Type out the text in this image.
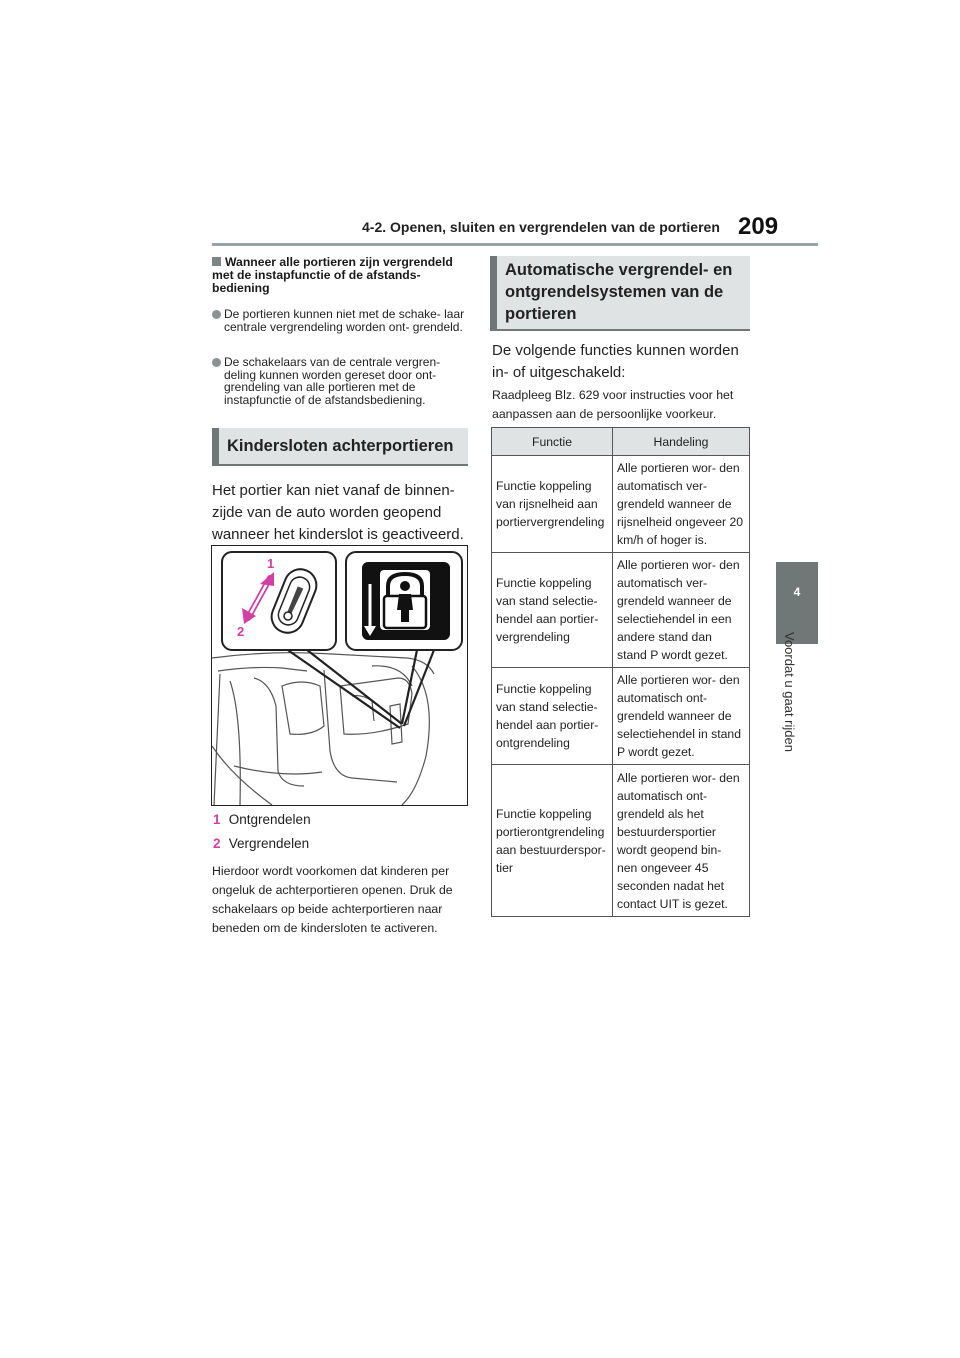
4-2. Openen, sluiten en vergrendelen van de portieren 209
4
Voordat u gaat rijden
Wanneer alle portieren zijn vergrendeld met de instapfunctie of de afstands- bediening
De portieren kunnen niet met de schake- laar centrale vergrendeling worden ont- grendeld.
De schakelaars van de centrale vergren- deling kunnen worden gereset door ont- grendeling van alle portieren met de instapfunctie of de afstandsbediening.
Kindersloten achterportieren
Het portier kan niet vanaf de binnen- zijde van de auto worden geopend wanneer het kinderslot is geactiveerd.
1
2
1 Ontgrendelen
2 Vergrendelen
Hierdoor wordt voorkomen dat kinderen per ongeluk de achterportieren openen. Druk de schakelaars op beide achterportieren naar beneden om de kindersloten te activeren.
Automatische vergrendel- en ontgrendelsystemen van de portieren
De volgende functies kunnen worden in- of uitgeschakeld:
Raadpleeg Blz. 629 voor instructies voor het aanpassen aan de persoonlijke voorkeur.
Functie	Handeling
Functie koppeling van rijsnelheid aan portiervergrendeling	Alle portieren wor- den automatisch ver- grendeld wanneer de rijsnelheid ongeveer 20 km/h of hoger is.
Functie koppeling van stand selectie- hendel aan portier- vergrendeling	Alle portieren wor- den automatisch ver- grendeld wanneer de selectiehendel in een andere stand dan stand P wordt gezet.
Functie koppeling van stand selectie- hendel aan portier- ontgrendeling	Alle portieren wor- den automatisch ont- grendeld wanneer de selectiehendel in stand P wordt gezet.
Functie koppeling portierontgrendeling aan bestuurderspor- tier	Alle portieren wor- den automatisch ont- grendeld als het bestuurdersportier wordt geopend bin- nen ongeveer 45 seconden nadat het contact UIT is gezet.
